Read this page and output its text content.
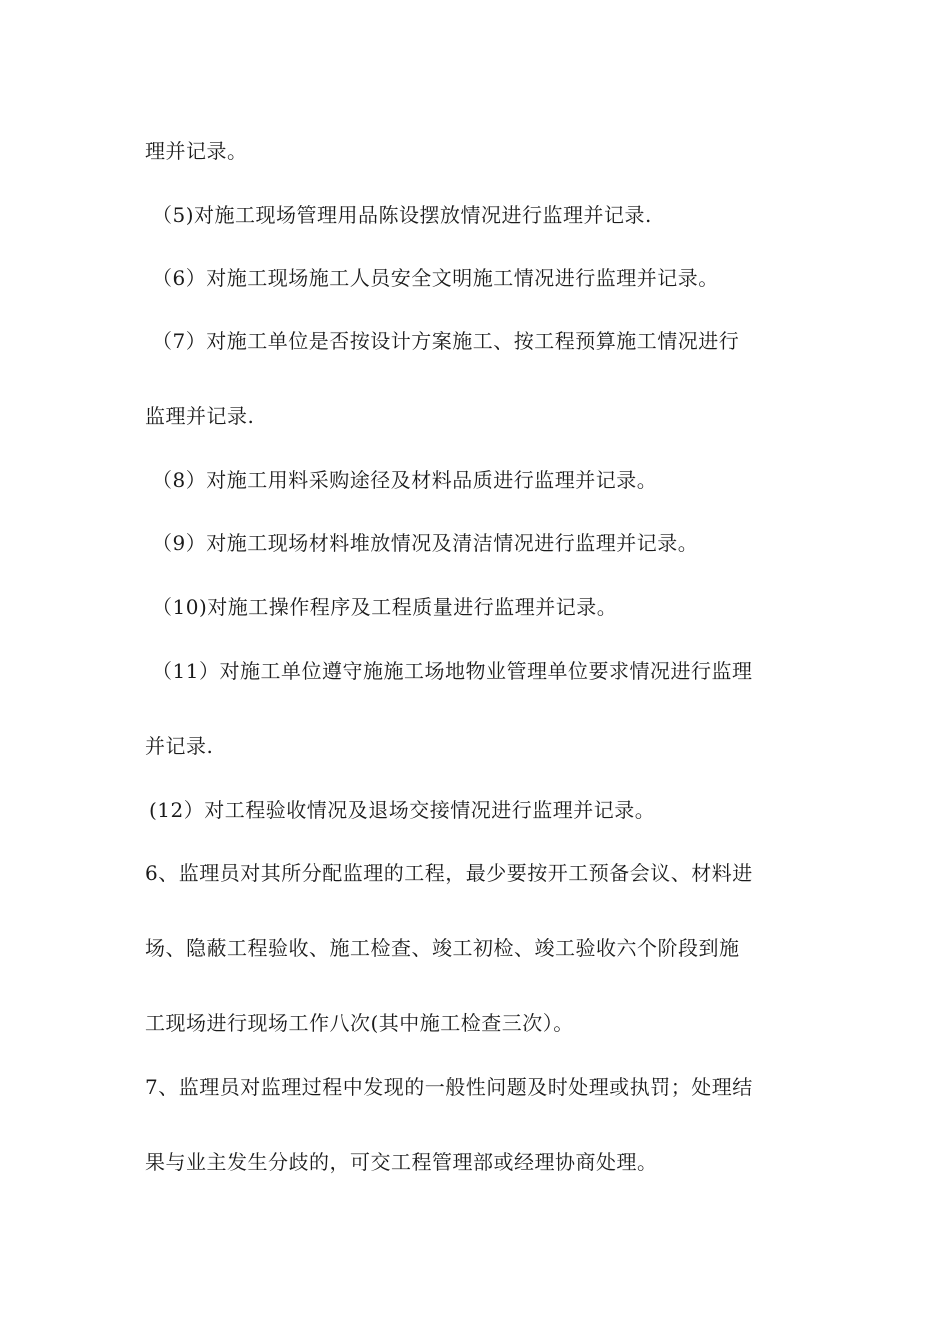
理并记录。
（5)对施工现场管理用品陈设摆放情况进行监理并记录.
（6）对施工现场施工人员安全文明施工情况进行监理并记录。
（7）对施工单位是否按设计方案施工、按工程预算施工情况进行
监理并记录.
（8）对施工用料采购途径及材料品质进行监理并记录。
（9）对施工现场材料堆放情况及清洁情况进行监理并记录。
（10)对施工操作程序及工程质量进行监理并记录。
（11）对施工单位遵守施施工场地物业管理单位要求情况进行监理
并记录.
(12）对工程验收情况及退场交接情况进行监理并记录。
6、监理员对其所分配监理的工程，最少要按开工预备会议、材料进
场、隐蔽工程验收、施工检查、竣工初检、竣工验收六个阶段到施
工现场进行现场工作八次(其中施工检查三次）。
7、监理员对监理过程中发现的一般性问题及时处理或执罚；处理结
果与业主发生分歧的，可交工程管理部或经理协商处理。
